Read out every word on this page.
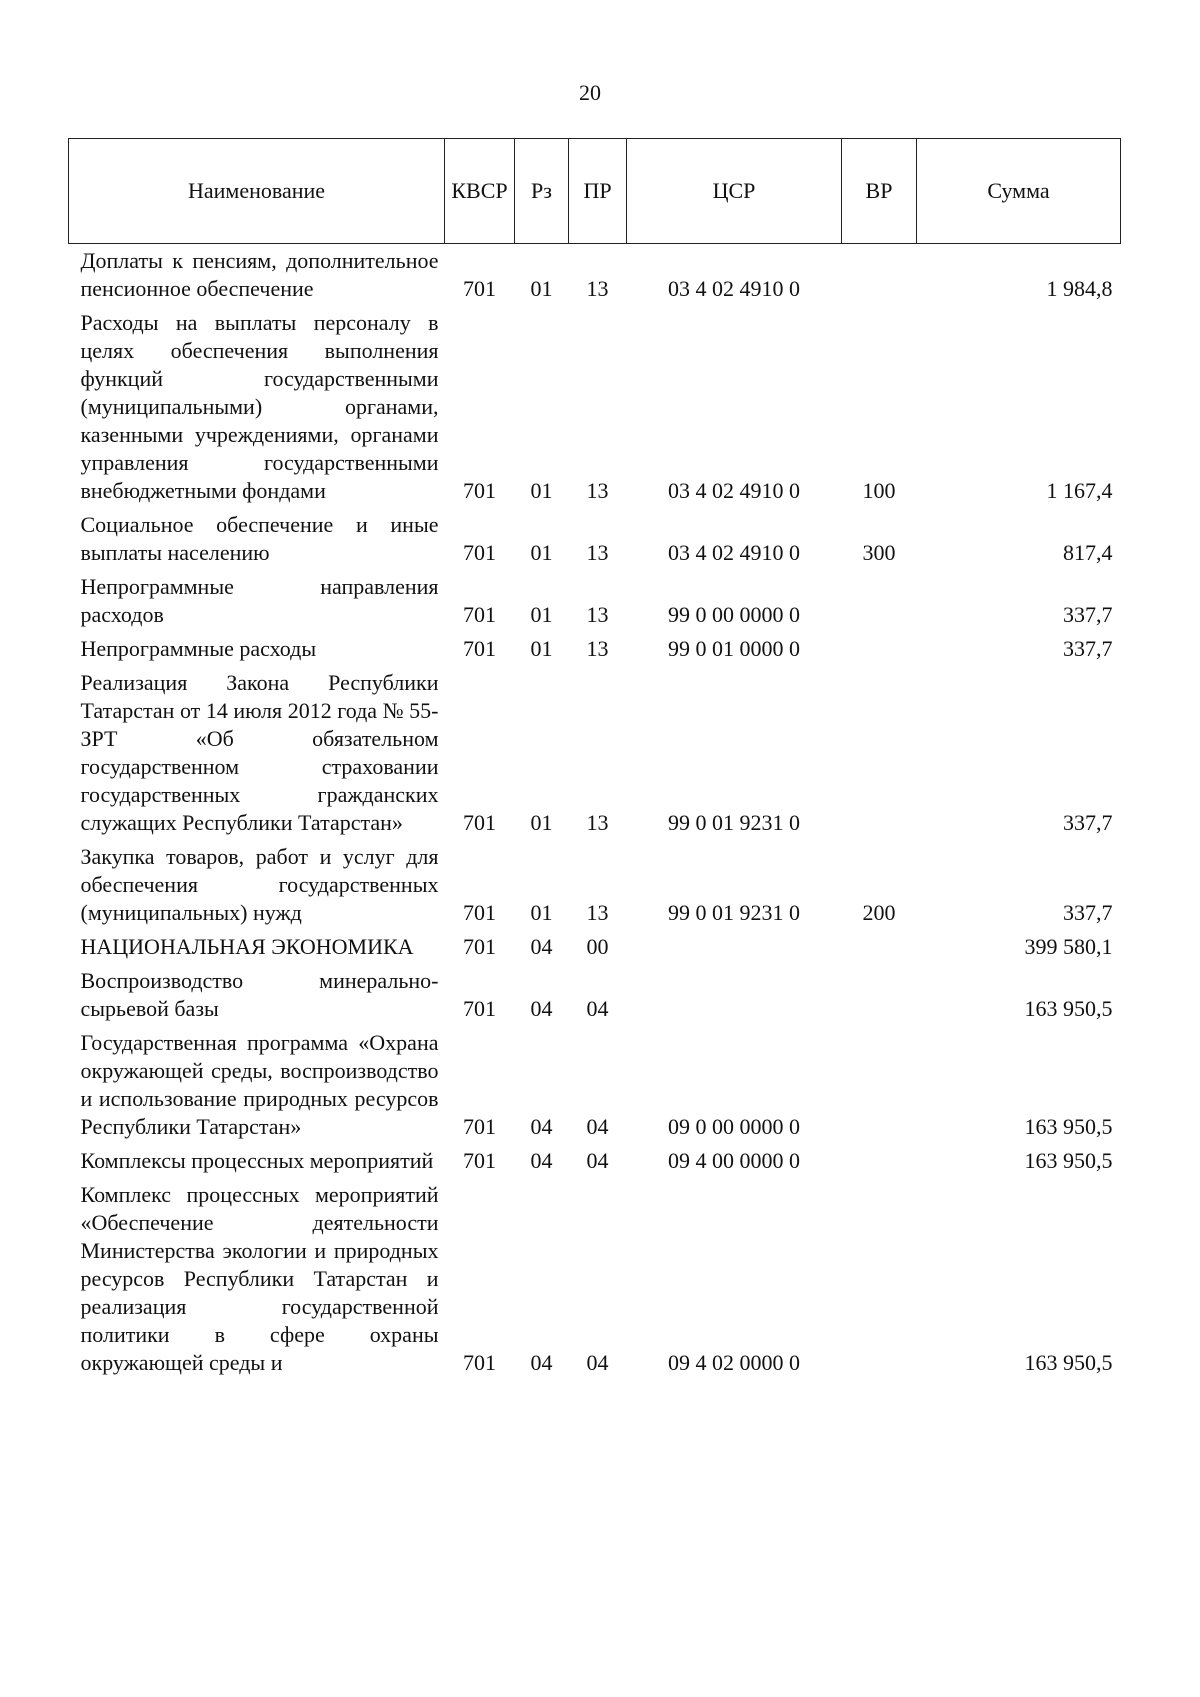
20
Наименование	КВСР	Рз	ПР	ЦСР	ВР	Сумма
Доплаты к пенсиям, дополнительное пенсионное обеспечение	701	01	13	03 4 02 4910 0		1 984,8
Расходы на выплаты персоналу в целях обеспечения выполнения функций государственными (муниципальными) органами, казенными учреждениями, органами управления государственными внебюджетными фондами	701	01	13	03 4 02 4910 0	100	1 167,4
Социальное обеспечение и иные выплаты населению	701	01	13	03 4 02 4910 0	300	817,4
Непрограммные направления расходов	701	01	13	99 0 00 0000 0		337,7
Непрограммные расходы	701	01	13	99 0 01 0000 0		337,7
Реализация Закона Республики Татарстан от 14 июля 2012 года № 55-ЗРТ «Об обязательном государственном страховании государственных гражданских служащих Республики Татарстан»	701	01	13	99 0 01 9231 0		337,7
Закупка товаров, работ и услуг для обеспечения государственных (муниципальных) нужд	701	01	13	99 0 01 9231 0	200	337,7
НАЦИОНАЛЬНАЯ ЭКОНОМИКА	701	04	00			399 580,1
Воспроизводство минерально-сырьевой базы	701	04	04			163 950,5
Государственная программа «Охрана окружающей среды, воспроизводство и использование природных ресурсов Республики Татарстан»	701	04	04	09 0 00 0000 0		163 950,5
Комплексы процессных мероприятий	701	04	04	09 4 00 0000 0		163 950,5
Комплекс процессных мероприятий «Обеспечение деятельности Министерства экологии и природных ресурсов Республики Татарстан и реализация государственной политики в сфере охраны окружающей среды и	701	04	04	09 4 02 0000 0		163 950,5
